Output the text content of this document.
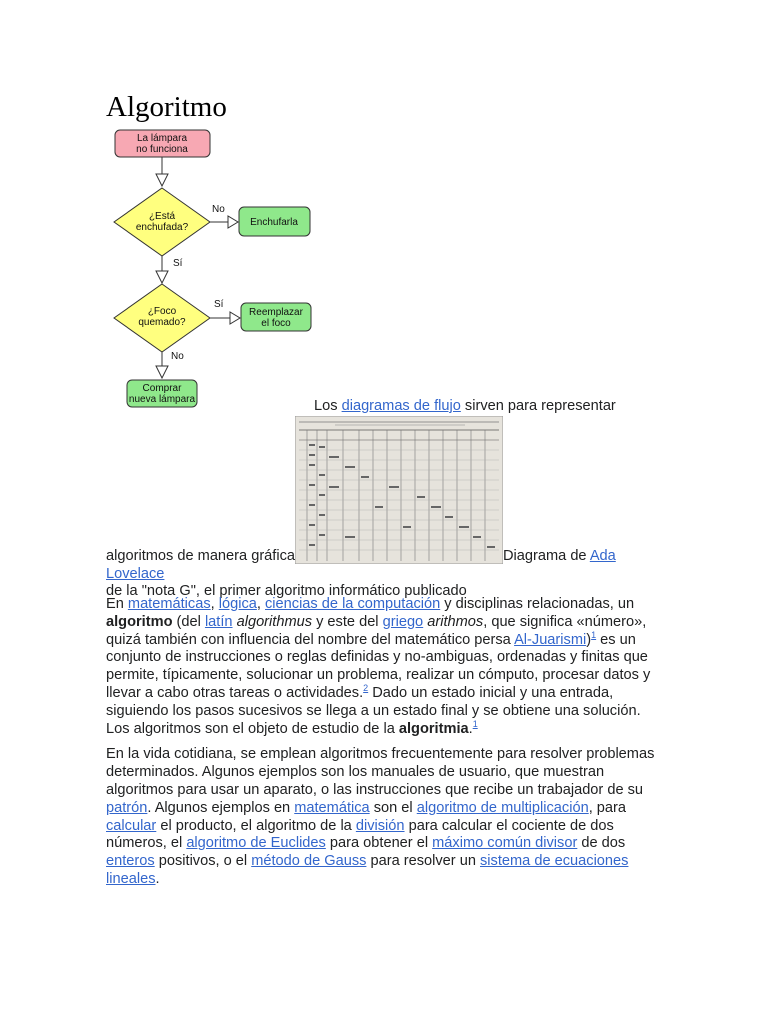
Algoritmo
La lámpara
no funciona
¿Está
enchufada?
No
Enchufarla
Sí
¿Foco
quemado?
Sí
Reemplazar
el foco
No
Comprar
nueva lámpara	Los diagramas de flujo sirven para representar
algoritmos de manera gráfica	Diagrama de Ada Lovelace
de la "nota G", el primer algoritmo informático publicado

En matemáticas, lógica, ciencias de la computación y disciplinas relacionadas, un algoritmo (del latín algorithmus y este del griego arithmos, que significa «número», quizá también con influencia del nombre del matemático persa Al-Juarismi)$^1$ es un conjunto de instrucciones o reglas definidas y no-ambiguas, ordenadas y finitas que permite, típicamente, solucionar un problema, realizar un cómputo, procesar datos y llevar a cabo otras tareas o actividades.$^2$ Dado un estado inicial y una entrada, siguiendo los pasos sucesivos se llega a un estado final y se obtiene una solución. Los algoritmos son el objeto de estudio de la algoritmia.$^1$

En la vida cotidiana, se emplean algoritmos frecuentemente para resolver problemas determinados. Algunos ejemplos son los manuales de usuario, que muestran algoritmos para usar un aparato, o las instrucciones que recibe un trabajador de su patrón. Algunos ejemplos en matemática son el algoritmo de multiplicación, para calcular el producto, el algoritmo de la división para calcular el cociente de dos números, el algoritmo de Euclides para obtener el máximo común divisor de dos enteros positivos, o el método de Gauss para resolver un sistema de ecuaciones lineales.
